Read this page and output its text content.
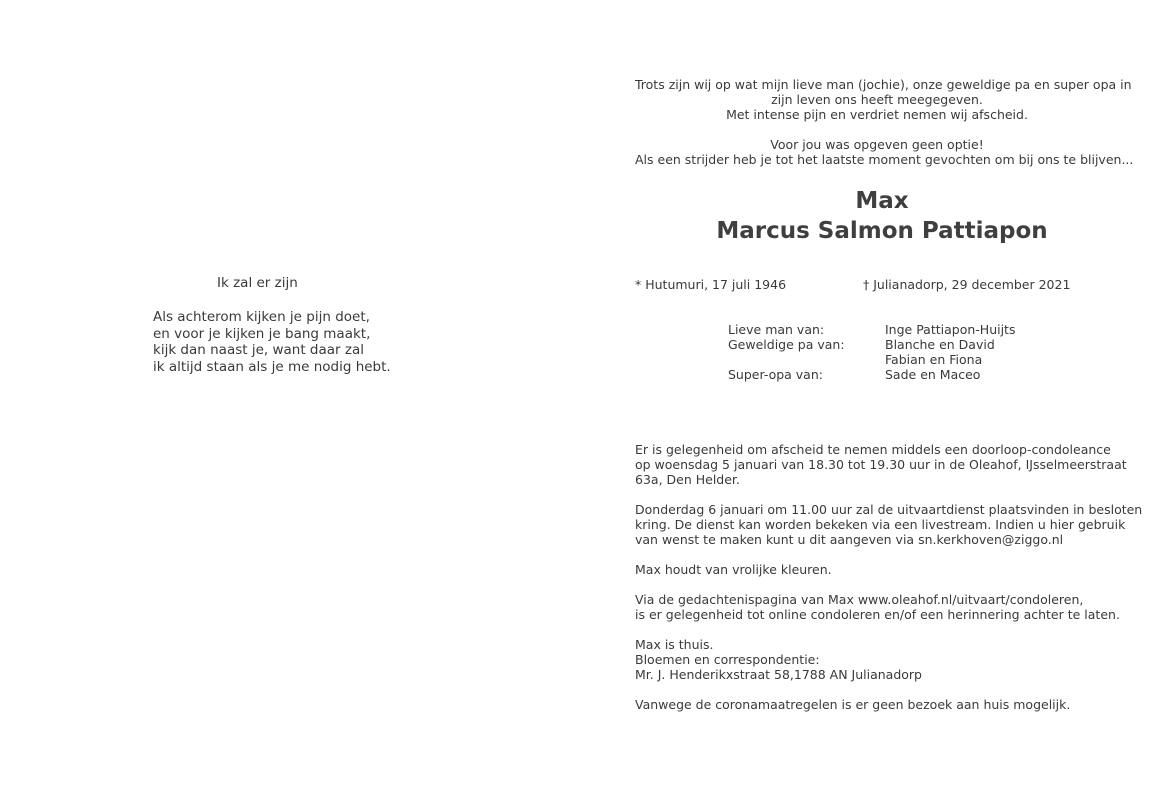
Ik zal er zijn
Als achterom kijken je pijn doet,
en voor je kijken je bang maakt,
kijk dan naast je, want daar zal
ik altijd staan als je me nodig hebt.
Trots zijn wij op wat mijn lieve man (jochie), onze geweldige pa en super opa in
zijn leven ons heeft meegegeven.
Met intense pijn en verdriet nemen wij afscheid.
Voor jou was opgeven geen optie!
Als een strijder heb je tot het laatste moment gevochten om bij ons te blijven...
Max
Marcus Salmon Pattiapon
* Hutumuri, 17 juli 1946	† Julianadorp, 29 december 2021
Lieve man van:	Inge Pattiapon-Huijts
Geweldige pa van:	Blanche en David
Fabian en Fiona
Super-opa van:	Sade en Maceo
Er is gelegenheid om afscheid te nemen middels een doorloop-condoleance
op woensdag 5 januari van 18.30 tot 19.30 uur in de Oleahof, IJsselmeerstraat
63a, Den Helder.
Donderdag 6 januari om 11.00 uur zal de uitvaartdienst plaatsvinden in besloten
kring. De dienst kan worden bekeken via een livestream. Indien u hier gebruik
van wenst te maken kunt u dit aangeven via sn.kerkhoven@ziggo.nl
Max houdt van vrolijke kleuren.
Via de gedachtenispagina van Max www.oleahof.nl/uitvaart/condoleren,
is er gelegenheid tot online condoleren en/of een herinnering achter te laten.
Max is thuis.
Bloemen en correspondentie:
Mr. J. Henderikxstraat 58,1788 AN Julianadorp
Vanwege de coronamaatregelen is er geen bezoek aan huis mogelijk.
